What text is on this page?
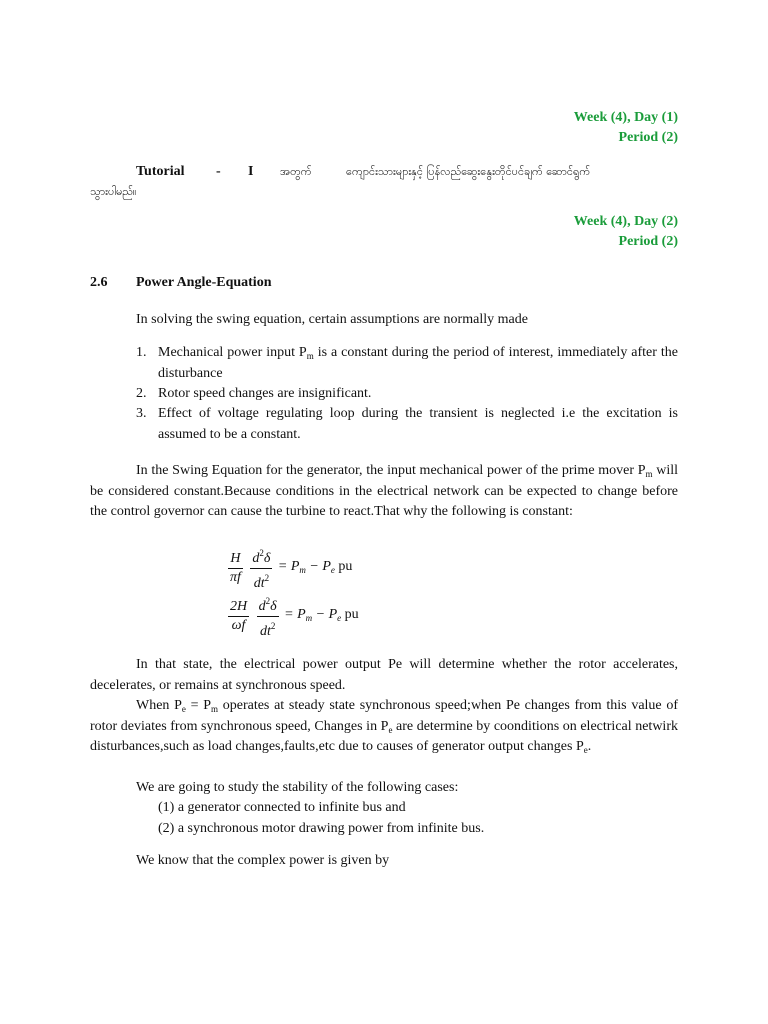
Week (4), Day (1)
Period (2)
Tutorial - I အတွက်	ကျောင်းသားများနှင့် ပြန်လည်ဆွေးနွေးတိုင်ပင်ချက် ဆောင်ရွက်
သွားပါမည်။
Week (4), Day (2)
Period (2)
2.6 Power Angle-Equation
In solving the swing equation, certain assumptions are normally made
1. Mechanical power input $P_m$ is a constant during the period of interest, immediately after the disturbance
2. Rotor speed changes are insignificant.
3. Effect of voltage regulating loop during the transient is neglected i.e the excitation is assumed to be a constant.
In the Swing Equation for the generator, the input mechanical power of the prime mover $P_m$ will be considered constant.Because conditions in the electrical network can be expected to change before the control governor can cause the turbine to react.That why the following is constant:
$\frac{H}{\pi f}$
$\frac{d^2\delta}{dt^2} = P_m - P_e$ pu
$\frac{2H}{\omega f}$
$\frac{d^2\delta}{dt^2} = P_m - P_e$ pu
In that state, the electrical power output Pe will determine whether the rotor accelerates, decelerates, or remains at synchronous speed.
When $P_e = P_m$ operates at steady state synchronous speed;when Pe changes from this value of rotor deviates from synchronous speed, Changes in $P_e$ are determine by coonditions on electrical netwirk disturbances,such as load changes,faults,etc due to causes of generator output changes $P_e$.
We are going to study the stability of the following cases:
(1) a generator connected to infinite bus and
(2) a synchronous motor drawing power from infinite bus.
We know that the complex power is given by
